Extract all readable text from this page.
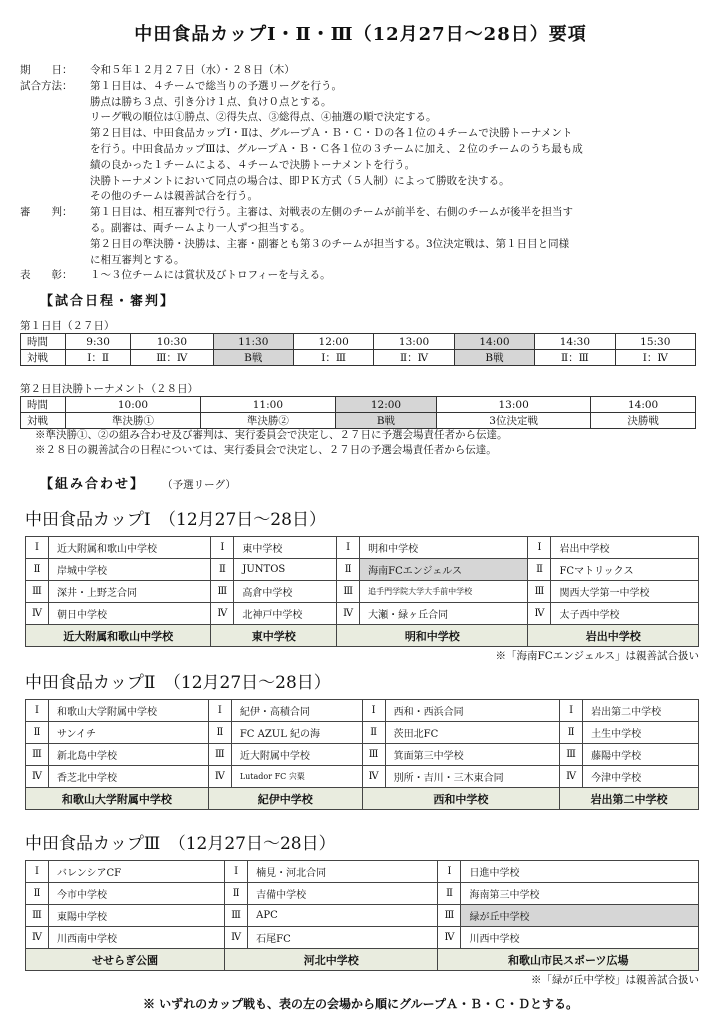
中田食品カップⅠ・Ⅱ・Ⅲ（12月27日〜28日）要項
期　　日：	令和５年１２月２７日（水）・２８日（木）
試合方法：	第１日目は、４チームで総当りの予選リーグを行う。
勝点は勝ち３点、引き分け１点、負け０点とする。
リーグ戦の順位は①勝点、②得失点、③総得点、④抽選の順で決定する。
第２日目は、中田食品カップⅠ・Ⅱは、グループＡ・Ｂ・Ｃ・Ｄの各１位の４チームで決勝トーナメント
を行う。中田食品カップⅢは、グループＡ・Ｂ・Ｃ各１位の３チームに加え、２位のチームのうち最も成
績の良かった１チームによる、４チームで決勝トーナメントを行う。
決勝トーナメントにおいて同点の場合は、即ＰＫ方式（５人制）によって勝敗を決する。
その他のチームは親善試合を行う。
審　　判：	第１日目は、相互審判で行う。主審は、対戦表の左側のチームが前半を、右側のチームが後半を担当す
る。副審は、両チームより一人ずつ担当する。
第２日目の準決勝・決勝は、主審・副審とも第３のチームが担当する。3位決定戦は、第１日目と同様
に相互審判とする。
表　　彰：	１〜３位チームには賞状及びトロフィーを与える。
【試合日程・審判】
第１日目（２７日）
時間	9:30	10:30	11:30	12:00	13:00	14:00	14:30	15:30
対戦	Ⅰ：Ⅱ	Ⅲ：Ⅳ	B戦	Ⅰ：Ⅲ	Ⅱ：Ⅳ	B戦	Ⅱ：Ⅲ	Ⅰ：Ⅳ
第２日目決勝トーナメント（２８日）
時間	10:00	11:00	12:00	13:00	14:00
対戦	準決勝①	準決勝②	B戦	3位決定戦	決勝戦
※準決勝①、②の組み合わせ及び審判は、実行委員会で決定し、２７日に予選会場責任者から伝達。
※２８日の親善試合の日程については、実行委員会で決定し、２７日の予選会場責任者から伝達。
【組み合わせ】 （予選リーグ）
中田食品カップⅠ　（12月27日〜28日）
Ⅰ	近大附属和歌山中学校	Ⅰ	東中学校	Ⅰ	明和中学校	Ⅰ	岩出中学校
Ⅱ	岸城中学校	Ⅱ	JUNTOS	Ⅱ	海南FCエンジェルス	Ⅱ	FCマトリックス
Ⅲ	深井・上野芝合同	Ⅲ	高倉中学校	Ⅲ	追手門学院大学大手前中学校	Ⅲ	関西大学第一中学校
Ⅳ	朝日中学校	Ⅳ	北神戸中学校	Ⅳ	大瀬・緑ヶ丘合同	Ⅳ	太子西中学校
近大附属和歌山中学校		東中学校		明和中学校		岩出中学校	
※「海南FCエンジェルス」は親善試合扱い
中田食品カップⅡ　（12月27日〜28日）
Ⅰ	和歌山大学附属中学校	Ⅰ	紀伊・高積合同	Ⅰ	西和・西浜合同	Ⅰ	岩出第二中学校
Ⅱ	サンイチ	Ⅱ	FC AZUL 紀の海	Ⅱ	茨田北FC	Ⅱ	土生中学校
Ⅲ	新北島中学校	Ⅲ	近大附属中学校	Ⅲ	箕面第三中学校	Ⅲ	藤陽中学校
Ⅳ	香芝北中学校	Ⅳ	Lutador FC 宍粟	Ⅳ	別所・吉川・三木東合同	Ⅳ	今津中学校
和歌山大学附属中学校		紀伊中学校		西和中学校		岩出第二中学校	
中田食品カップⅢ　（12月27日〜28日）
Ⅰ	バレンシアCF	Ⅰ	楠見・河北合同	Ⅰ	日進中学校
Ⅱ	今市中学校	Ⅱ	吉備中学校	Ⅱ	海南第三中学校
Ⅲ	東陽中学校	Ⅲ	APC	Ⅲ	緑が丘中学校
Ⅳ	川西南中学校	Ⅳ	石尾FC	Ⅳ	川西中学校
せせらぎ公園		河北中学校		和歌山市民スポーツ広場	
※「緑が丘中学校」は親善試合扱い
※ いずれのカップ戦も、表の左の会場から順にグループＡ・Ｂ・Ｃ・Ｄとする。
